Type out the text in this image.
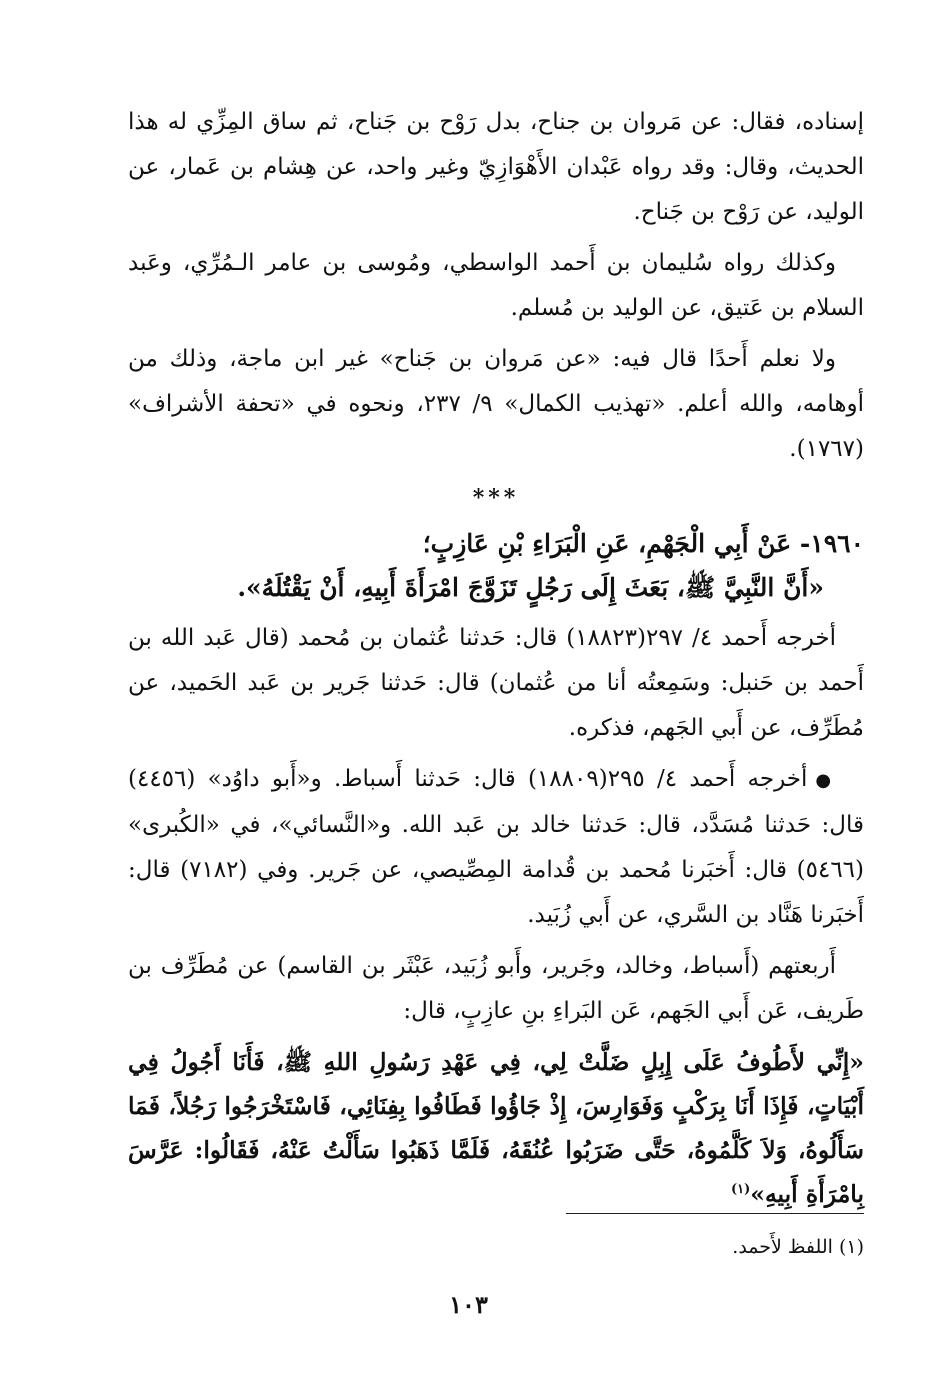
إسناده، فقال: عن مَروان بن جناح، بدل رَوْح بن جَناح، ثم ساق المِزِّي له هذا الحديث، وقال: وقد رواه عَبْدان الأَهْوَازِيّ وغير واحد، عن هِشام بن عَمار، عن الوليد، عن رَوْح بن جَناح.

وكذلك رواه سُليمان بن أَحمد الواسطي، ومُوسى بن عامر الـمُرِّي، وعَبد السلام بن عَتيق، عن الوليد بن مُسلم.

ولا نعلم أَحدًا قال فيه: «عن مَروان بن جَناح» غير ابن ماجة، وذلك من أوهامه، والله أعلم. «تهذيب الكمال» ٩/ ٢٣٧، ونحوه في «تحفة الأشراف» (١٧٦٧).

***
١٩٦٠- عَنْ أَبِي الْجَهْمِ، عَنِ الْبَرَاءِ بْنِ عَازِبٍ؛
«أَنَّ النَّبِيَّ ﷺ، بَعَثَ إِلَى رَجُلٍ تَزَوَّجَ امْرَأَةَ أَبِيهِ، أَنْ يَقْتُلَهُ».

أخرجه أَحمد ٤/ ٢٩٧(١٨٨٢٣) قال: حَدثنا عُثمان بن مُحمد (قال عَبد الله بن أَحمد بن حَنبل: وسَمِعتُه أنا من عُثمان) قال: حَدثنا جَرير بن عَبد الحَميد، عن مُطَرِّف، عن أَبي الجَهم، فذكره.

●أخرجه أَحمد ٤/ ٢٩٥(١٨٨٠٩) قال: حَدثنا أَسباط. و«أَبو داوُد» (٤٤٥٦) قال: حَدثنا مُسَدَّد، قال: حَدثنا خالد بن عَبد الله. و«النَّسائي»، في «الكُبرى» (٥٤٦٦) قال: أَخبَرنا مُحمد بن قُدامة المِصِّيصي، عن جَرير. وفي (٧١٨٢) قال: أَخبَرنا هَنَّاد بن السَّري، عن أَبي زُبَيد.

أَربعتهم (أَسباط، وخالد، وجَرير، وأَبو زُبَيد، عَبْثَر بن القاسم) عن مُطَرِّف بن طَريف، عَن أَبي الجَهم، عَن البَراءِ بنِ عازِبٍ، قال:

«إِنِّي لأَطُوفُ عَلَى إِبِلٍ ضَلَّتْ لِي، فِي عَهْدِ رَسُولِ اللهِ ﷺ، فَأَنَا أَجُولُ فِي أَبْيَاتٍ، فَإِذَا أَنَا بِرَكْبٍ وَفَوَارِسَ، إِذْ جَاؤُوا فَطَافُوا بِفِنَائِي، فَاسْتَخْرَجُوا رَجُلاً، فَمَا سَأَلُوهُ، وَلاَ كَلَّمُوهُ، حَتَّى ضَرَبُوا عُنُقَهُ، فَلَمَّا ذَهَبُوا سَأَلْتُ عَنْهُ، فَقَالُوا: عَرَّسَ بِامْرَأَةِ أَبِيهِ»$^{(١)}$

(١) اللفظ لأَحمد.
١٠٣
